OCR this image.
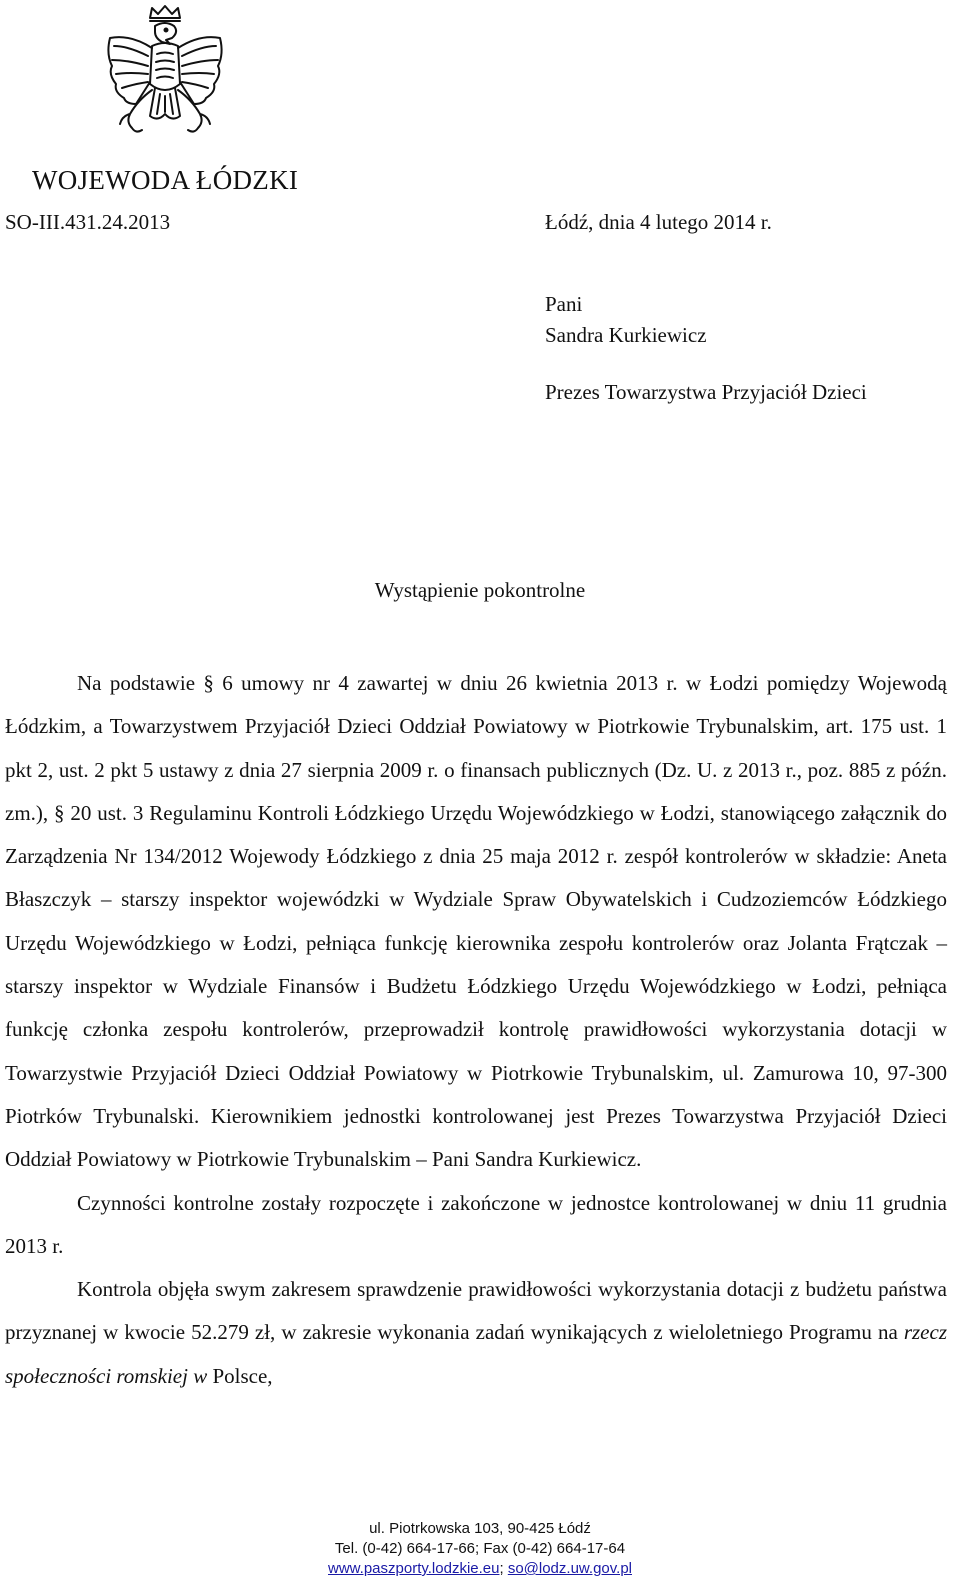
WOJEWODA ŁÓDZKI
SO-III.431.24.2013	Łódź, dnia 4 lutego 2014 r.
Pani
Sandra Kurkiewicz
Prezes Towarzystwa Przyjaciół Dzieci
Wystąpienie pokontrolne

Na podstawie § 6 umowy nr 4 zawartej w dniu 26 kwietnia 2013 r. w Łodzi pomiędzy Wojewodą Łódzkim, a Towarzystwem Przyjaciół Dzieci Oddział Powiatowy w Piotrkowie Trybunalskim, art. 175 ust. 1 pkt 2, ust. 2 pkt 5 ustawy z dnia 27 sierpnia 2009 r. o finansach publicznych (Dz. U. z 2013 r., poz. 885 z późn. zm.), § 20 ust. 3 Regulaminu Kontroli Łódzkiego Urzędu Wojewódzkiego w Łodzi, stanowiącego załącznik do Zarządzenia Nr 134/2012 Wojewody Łódzkiego z dnia 25 maja 2012 r. zespół kontrolerów w składzie: Aneta Błaszczyk – starszy inspektor wojewódzki w Wydziale Spraw Obywatelskich i Cudzoziemców Łódzkiego Urzędu Wojewódzkiego w Łodzi, pełniąca funkcję kierownika zespołu kontrolerów oraz Jolanta Frątczak – starszy inspektor w Wydziale Finansów i Budżetu Łódzkiego Urzędu Wojewódzkiego w Łodzi, pełniąca funkcję członka zespołu kontrolerów, przeprowadził kontrolę prawidłowości wykorzystania dotacji w Towarzystwie Przyjaciół Dzieci Oddział Powiatowy w Piotrkowie Trybunalskim, ul. Zamurowa 10, 97-300 Piotrków Trybunalski. Kierownikiem jednostki kontrolowanej jest Prezes Towarzystwa Przyjaciół Dzieci Oddział Powiatowy w Piotrkowie Trybunalskim – Pani Sandra Kurkiewicz.

Czynności kontrolne zostały rozpoczęte i zakończone w jednostce kontrolowanej w dniu 11 grudnia 2013 r.

Kontrola objęła swym zakresem sprawdzenie prawidłowości wykorzystania dotacji z budżetu państwa przyznanej w kwocie 52.279 zł, w zakresie wykonania zadań wynikających z wieloletniego Programu na rzecz społeczności romskiej w Polsce,

ul. Piotrkowska 103, 90-425 Łódź
Tel. (0-42) 664-17-66; Fax (0-42) 664-17-64
www.paszporty.lodzkie.eu; so@lodz.uw.gov.pl
